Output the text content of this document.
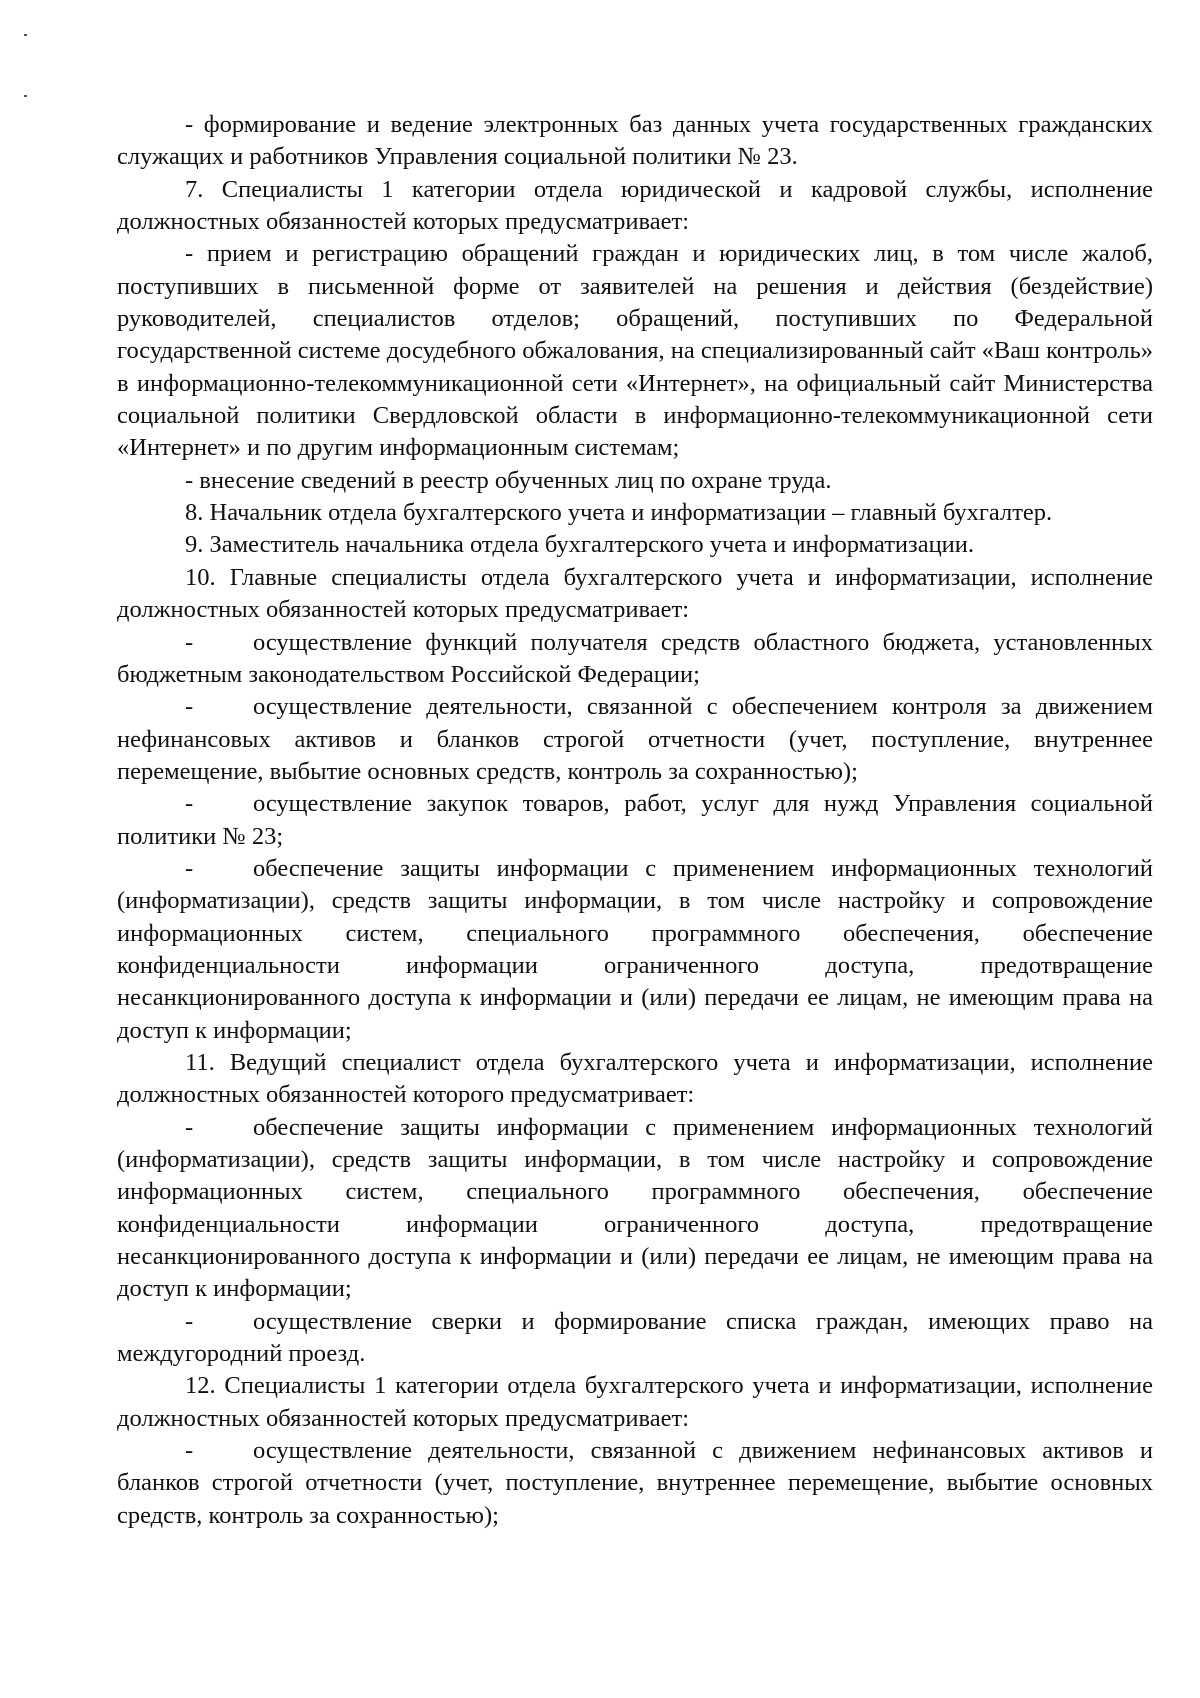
- формирование и ведение электронных баз данных учета государственных гражданских служащих и работников Управления социальной политики № 23.

7. Специалисты 1 категории отдела юридической и кадровой службы, исполнение должностных обязанностей которых предусматривает:

- прием и регистрацию обращений граждан и юридических лиц, в том числе жалоб, поступивших в письменной форме от заявителей на решения и действия (бездействие) руководителей, специалистов отделов; обращений, поступивших по Федеральной государственной системе досудебного обжалования, на специализированный сайт «Ваш контроль» в информационно-телекоммуникационной сети «Интернет», на официальный сайт Министерства социальной политики Свердловской области в информационно-телекоммуникационной сети «Интернет» и по другим информационным системам;

- внесение сведений в реестр обученных лиц по охране труда.

8. Начальник отдела бухгалтерского учета и информатизации – главный бухгалтер.

9. Заместитель начальника отдела бухгалтерского учета и информатизации.

10. Главные специалисты отдела бухгалтерского учета и информатизации, исполнение должностных обязанностей которых предусматривает:

- осуществление функций получателя средств областного бюджета, установленных бюджетным законодательством Российской Федерации;

- осуществление деятельности, связанной с обеспечением контроля за движением нефинансовых активов и бланков строгой отчетности (учет, поступление, внутреннее перемещение, выбытие основных средств, контроль за сохранностью);

- осуществление закупок товаров, работ, услуг для нужд Управления социальной политики № 23;

- обеспечение защиты информации с применением информационных технологий (информатизации), средств защиты информации, в том числе настройку и сопровождение информационных систем, специального программного обеспечения, обеспечение конфиденциальности информации ограниченного доступа, предотвращение несанкционированного доступа к информации и (или) передачи ее лицам, не имеющим права на доступ к информации;

11. Ведущий специалист отдела бухгалтерского учета и информатизации, исполнение должностных обязанностей которого предусматривает:

- обеспечение защиты информации с применением информационных технологий (информатизации), средств защиты информации, в том числе настройку и сопровождение информационных систем, специального программного обеспечения, обеспечение конфиденциальности информации ограниченного доступа, предотвращение несанкционированного доступа к информации и (или) передачи ее лицам, не имеющим права на доступ к информации;

- осуществление сверки и формирование списка граждан, имеющих право на междугородний проезд.

12. Специалисты 1 категории отдела бухгалтерского учета и информатизации, исполнение должностных обязанностей которых предусматривает:

- осуществление деятельности, связанной с движением нефинансовых активов и бланков строгой отчетности (учет, поступление, внутреннее перемещение, выбытие основных средств, контроль за сохранностью);
